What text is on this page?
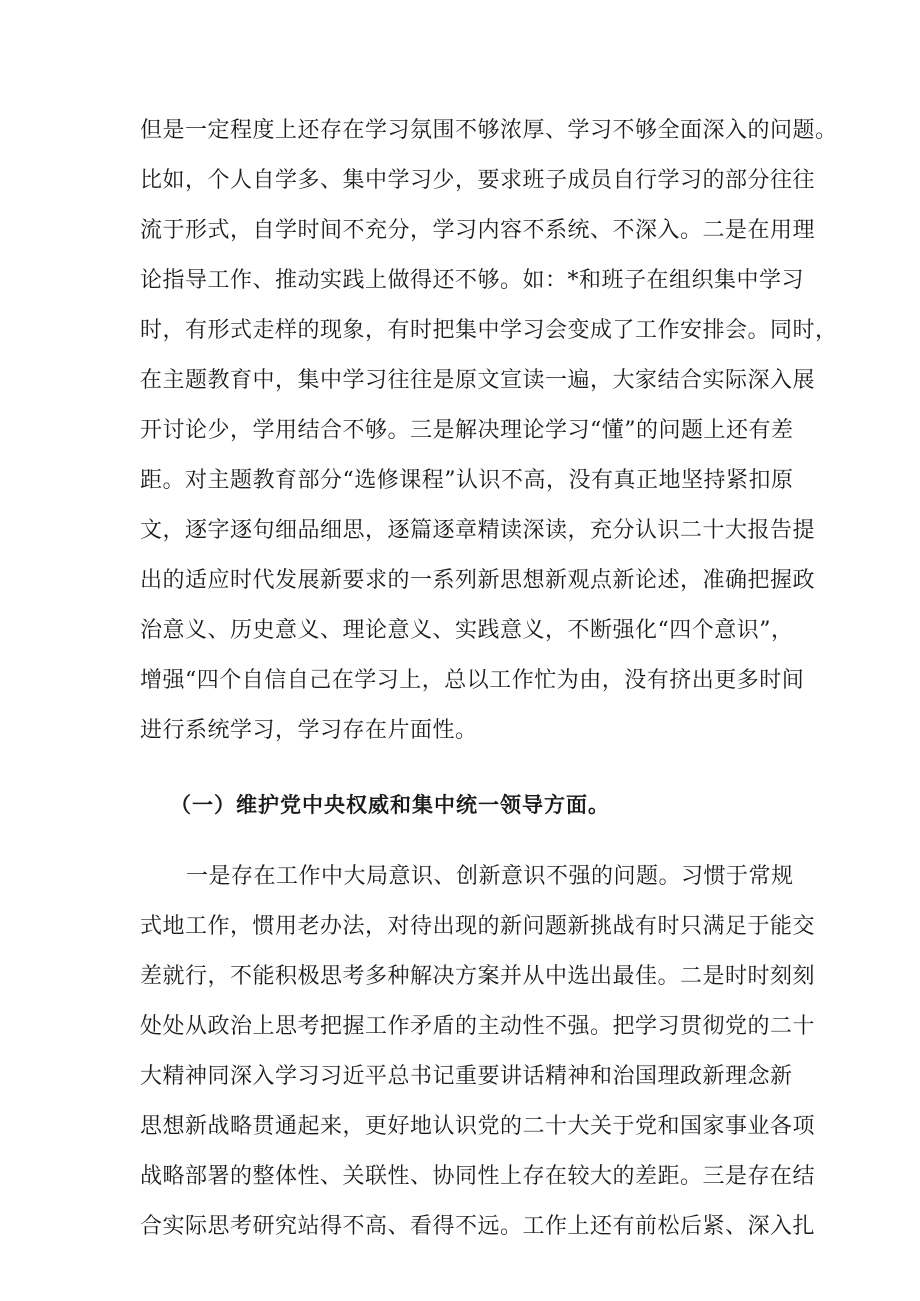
但是一定程度上还存在学习氛围不够浓厚、学习不够全面深入的问题。
比如，个人自学多、集中学习少，要求班子成员自行学习的部分往往
流于形式，自学时间不充分，学习内容不系统、不深入。二是在用理
论指导工作、推动实践上做得还不够。如：*和班子在组织集中学习
时，有形式走样的现象，有时把集中学习会变成了工作安排会。同时，
在主题教育中，集中学习往往是原文宣读一遍，大家结合实际深入展
开讨论少，学用结合不够。三是解决理论学习“懂”的问题上还有差
距。对主题教育部分“选修课程”认识不高，没有真正地坚持紧扣原
文，逐字逐句细品细思，逐篇逐章精读深读，充分认识二十大报告提
出的适应时代发展新要求的一系列新思想新观点新论述，准确把握政
治意义、历史意义、理论意义、实践意义，不断强化“四个意识”，
增强“四个自信自己在学习上，总以工作忙为由，没有挤出更多时间
进行系统学习，学习存在片面性。
（一）维护党中央权威和集中统一领导方面。
一是存在工作中大局意识、创新意识不强的问题。习惯于常规
式地工作，惯用老办法，对待出现的新问题新挑战有时只满足于能交
差就行，不能积极思考多种解决方案并从中选出最佳。二是时时刻刻
处处从政治上思考把握工作矛盾的主动性不强。把学习贯彻党的二十
大精神同深入学习习近平总书记重要讲话精神和治国理政新理念新
思想新战略贯通起来，更好地认识党的二十大关于党和国家事业各项
战略部署的整体性、关联性、协同性上存在较大的差距。三是存在结
合实际思考研究站得不高、看得不远。工作上还有前松后紧、深入扎
